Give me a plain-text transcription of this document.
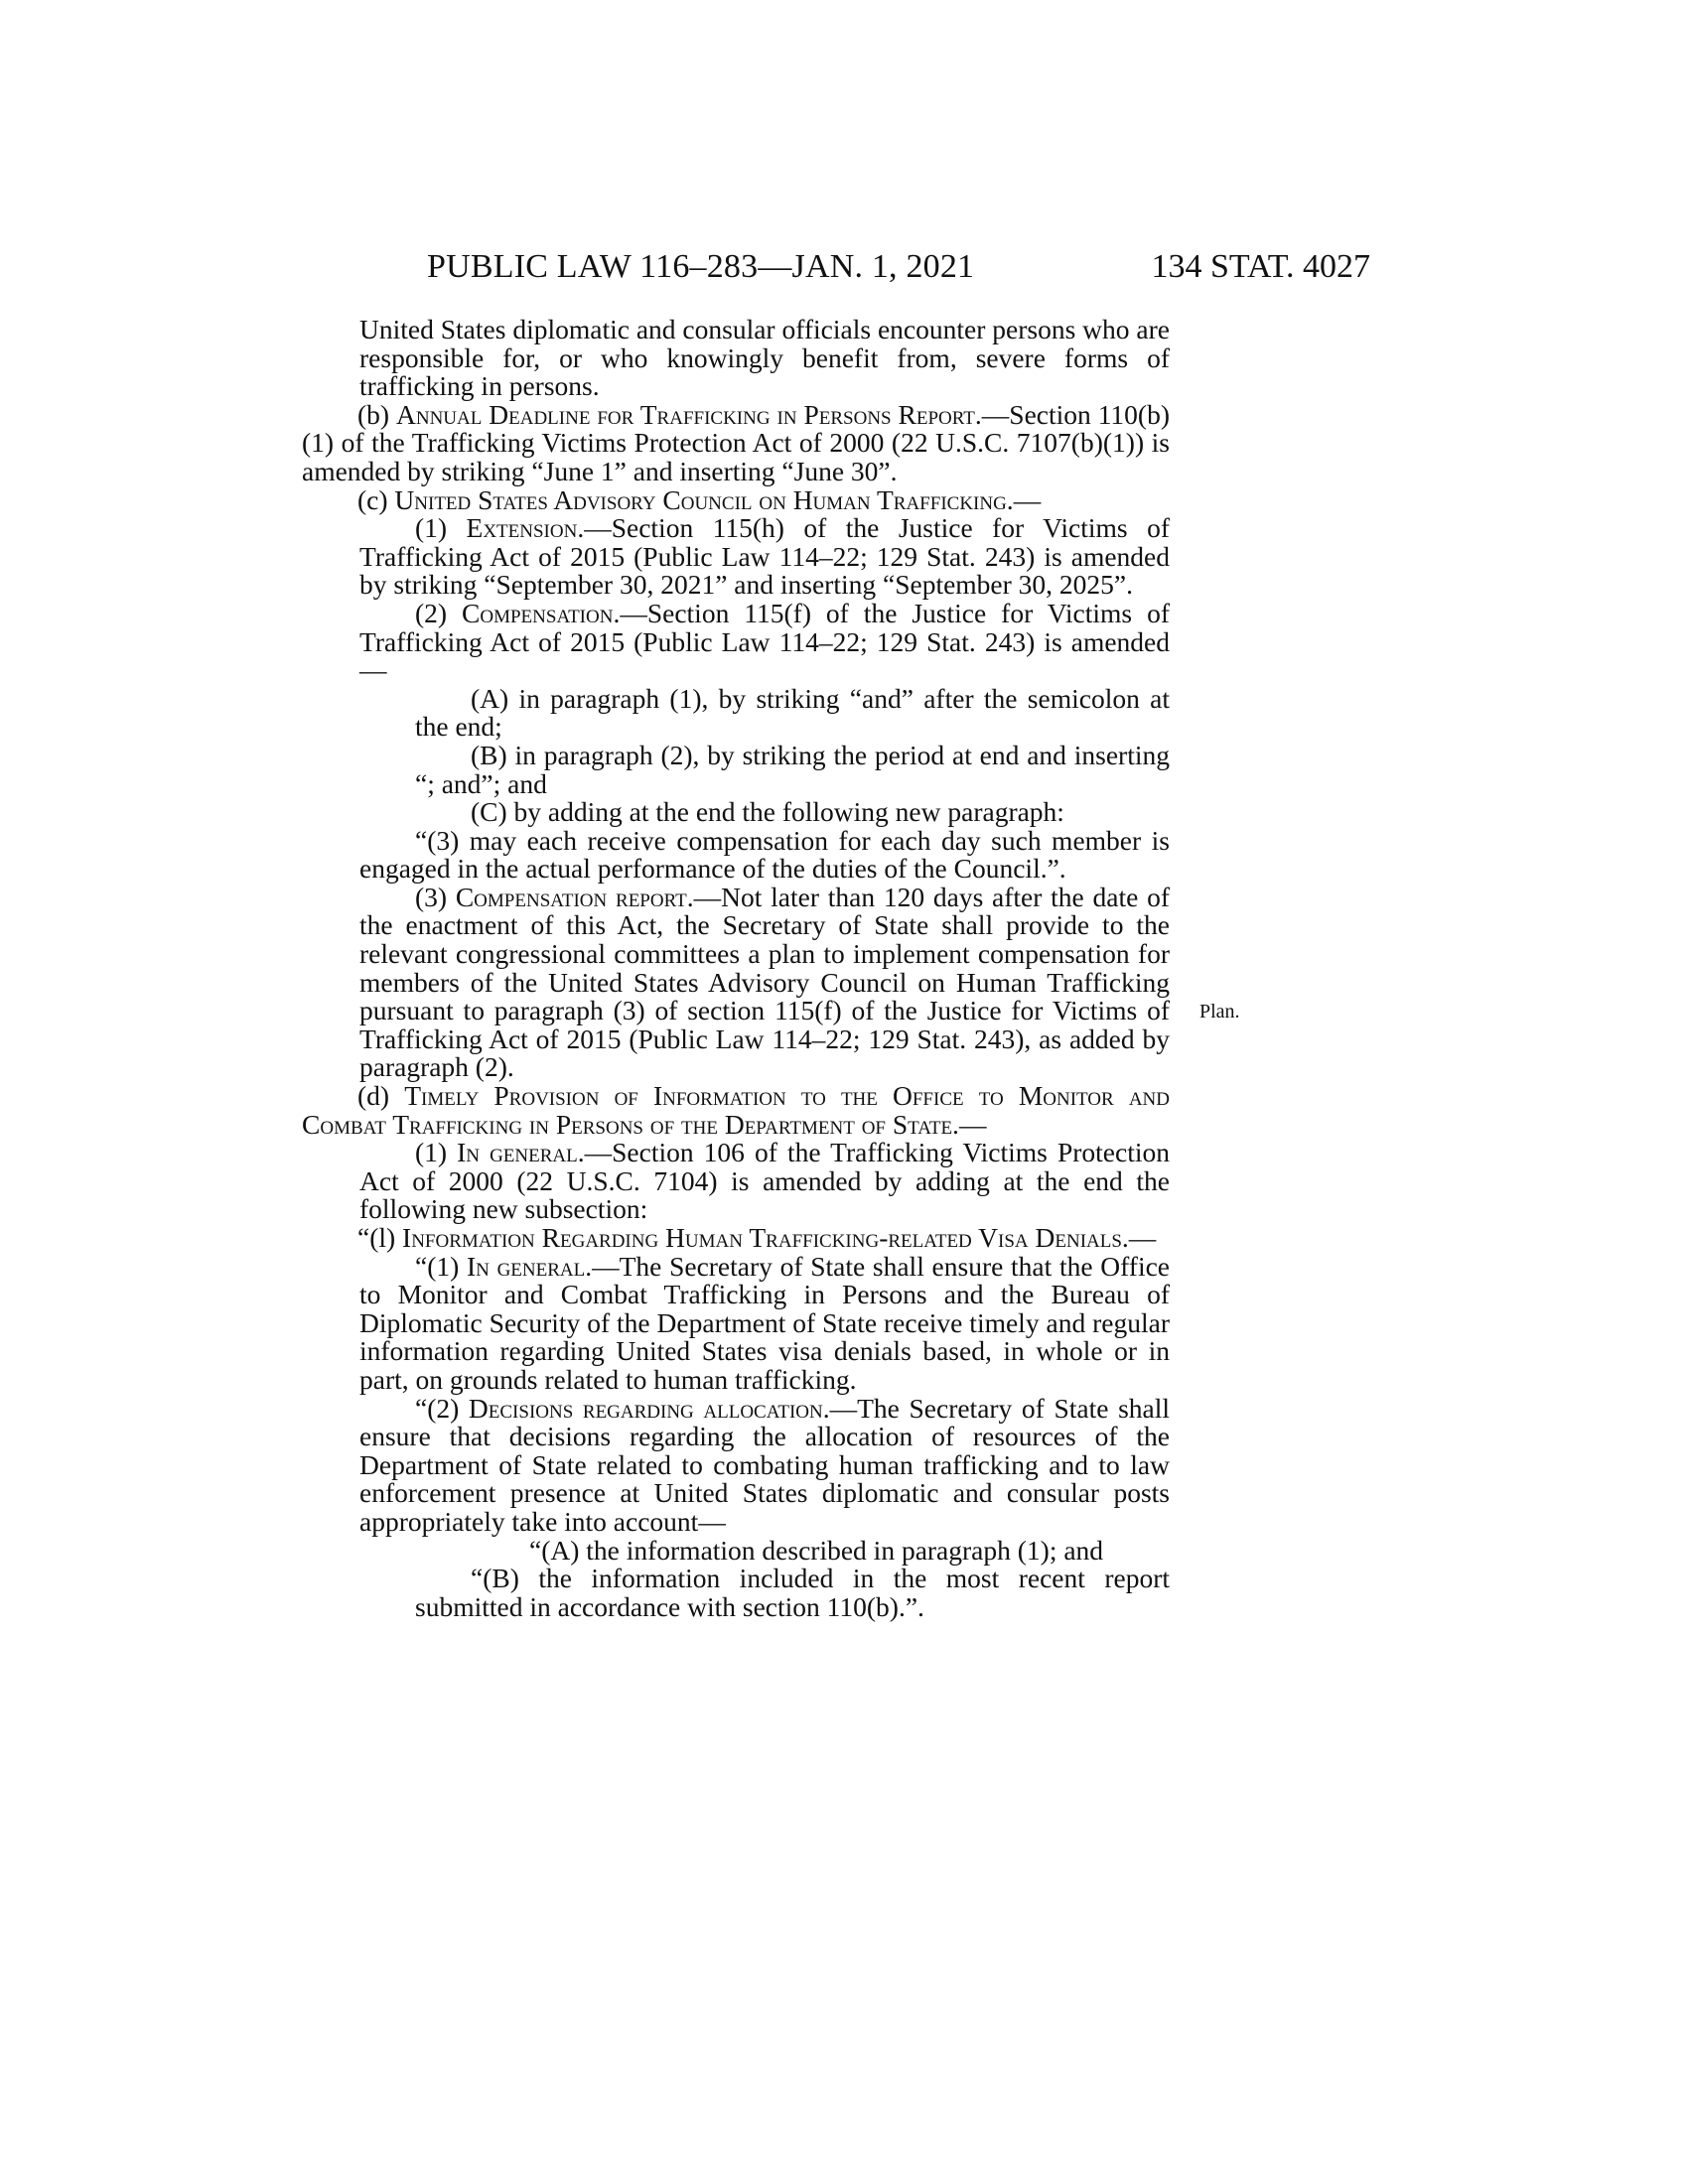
PUBLIC LAW 116–283—JAN. 1, 2021	134 STAT. 4027
Plan.

United States diplomatic and consular officials encounter persons who are responsible for, or who knowingly benefit from, severe forms of trafficking in persons.

(b) Annual Deadline for Trafficking in Persons Report.—Section 110(b)(1) of the Trafficking Victims Protection Act of 2000 (22 U.S.C. 7107(b)(1)) is amended by striking “June 1” and inserting “June 30”.

(c) United States Advisory Council on Human Trafficking.—

(1) Extension.—Section 115(h) of the Justice for Victims of Trafficking Act of 2015 (Public Law 114–22; 129 Stat. 243) is amended by striking “September 30, 2021” and inserting “September 30, 2025”.

(2) Compensation.—Section 115(f) of the Justice for Victims of Trafficking Act of 2015 (Public Law 114–22; 129 Stat. 243) is amended—

(A) in paragraph (1), by striking “and” after the semicolon at the end;

(B) in paragraph (2), by striking the period at end and inserting “; and”; and

(C) by adding at the end the following new paragraph:

“(3) may each receive compensation for each day such member is engaged in the actual performance of the duties of the Council.”.

(3) Compensation report.—Not later than 120 days after the date of the enactment of this Act, the Secretary of State shall provide to the relevant congressional committees a plan to implement compensation for members of the United States Advisory Council on Human Trafficking pursuant to paragraph (3) of section 115(f) of the Justice for Victims of Trafficking Act of 2015 (Public Law 114–22; 129 Stat. 243), as added by paragraph (2).

(d) Timely Provision of Information to the Office to Monitor and Combat Trafficking in Persons of the Department of State.—

(1) In general.—Section 106 of the Trafficking Victims Protection Act of 2000 (22 U.S.C. 7104) is amended by adding at the end the following new subsection:

“(l) Information Regarding Human Trafficking-related Visa Denials.—

“(1) In general.—The Secretary of State shall ensure that the Office to Monitor and Combat Trafficking in Persons and the Bureau of Diplomatic Security of the Department of State receive timely and regular information regarding United States visa denials based, in whole or in part, on grounds related to human trafficking.

“(2) Decisions regarding allocation.—The Secretary of State shall ensure that decisions regarding the allocation of resources of the Department of State related to combating human trafficking and to law enforcement presence at United States diplomatic and consular posts appropriately take into account—

“(A) the information described in paragraph (1); and

“(B) the information included in the most recent report submitted in accordance with section 110(b).”.
